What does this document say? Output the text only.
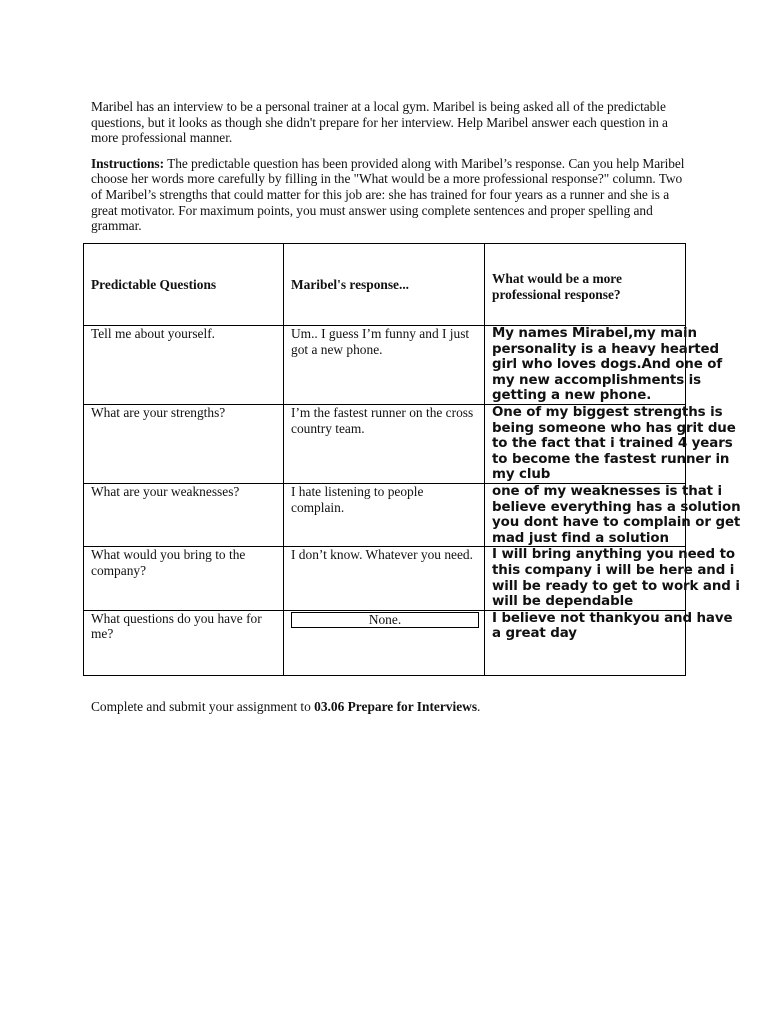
Maribel has an interview to be a personal trainer at a local gym. Maribel is being asked all of the predictable questions, but it looks as though she didn't prepare for her interview. Help Maribel answer each question in a more professional manner.

Instructions: The predictable question has been provided along with Maribel’s response. Can you help Maribel choose her words more carefully by filling in the "What would be a more professional response?" column. Two of Maribel’s strengths that could matter for this job are: she has trained for four years as a runner and she is a great motivator. For maximum points, you must answer using complete sentences and proper spelling and grammar.

Predictable Questions	Maribel's response...	What would be a more professional response?
Tell me about yourself.	Um.. I guess I’m funny and I just got a new phone.	My names Mirabel,my main
personality is a heavy hearted
girl who loves dogs.And one of
my new accomplishments is
getting a new phone.
What are your strengths?	I’m the fastest runner on the cross country team.	One of my biggest strengths is
being someone who has grit due
to the fact that i trained 4 years
to become the fastest runner in
my club
What are your weaknesses?	I hate listening to people complain.	one of my weaknesses is that i
believe everything has a solution
you dont have to complain or get
mad just find a solution
What would you bring to the company?	I don’t know. Whatever you need.	I will bring anything you need to
this company i will be here and i
will be ready to get to work and i
will be dependable
What questions do you have for me?	None.	I believe not thankyou and have
a great day

Complete and submit your assignment to 03.06 Prepare for Interviews.
